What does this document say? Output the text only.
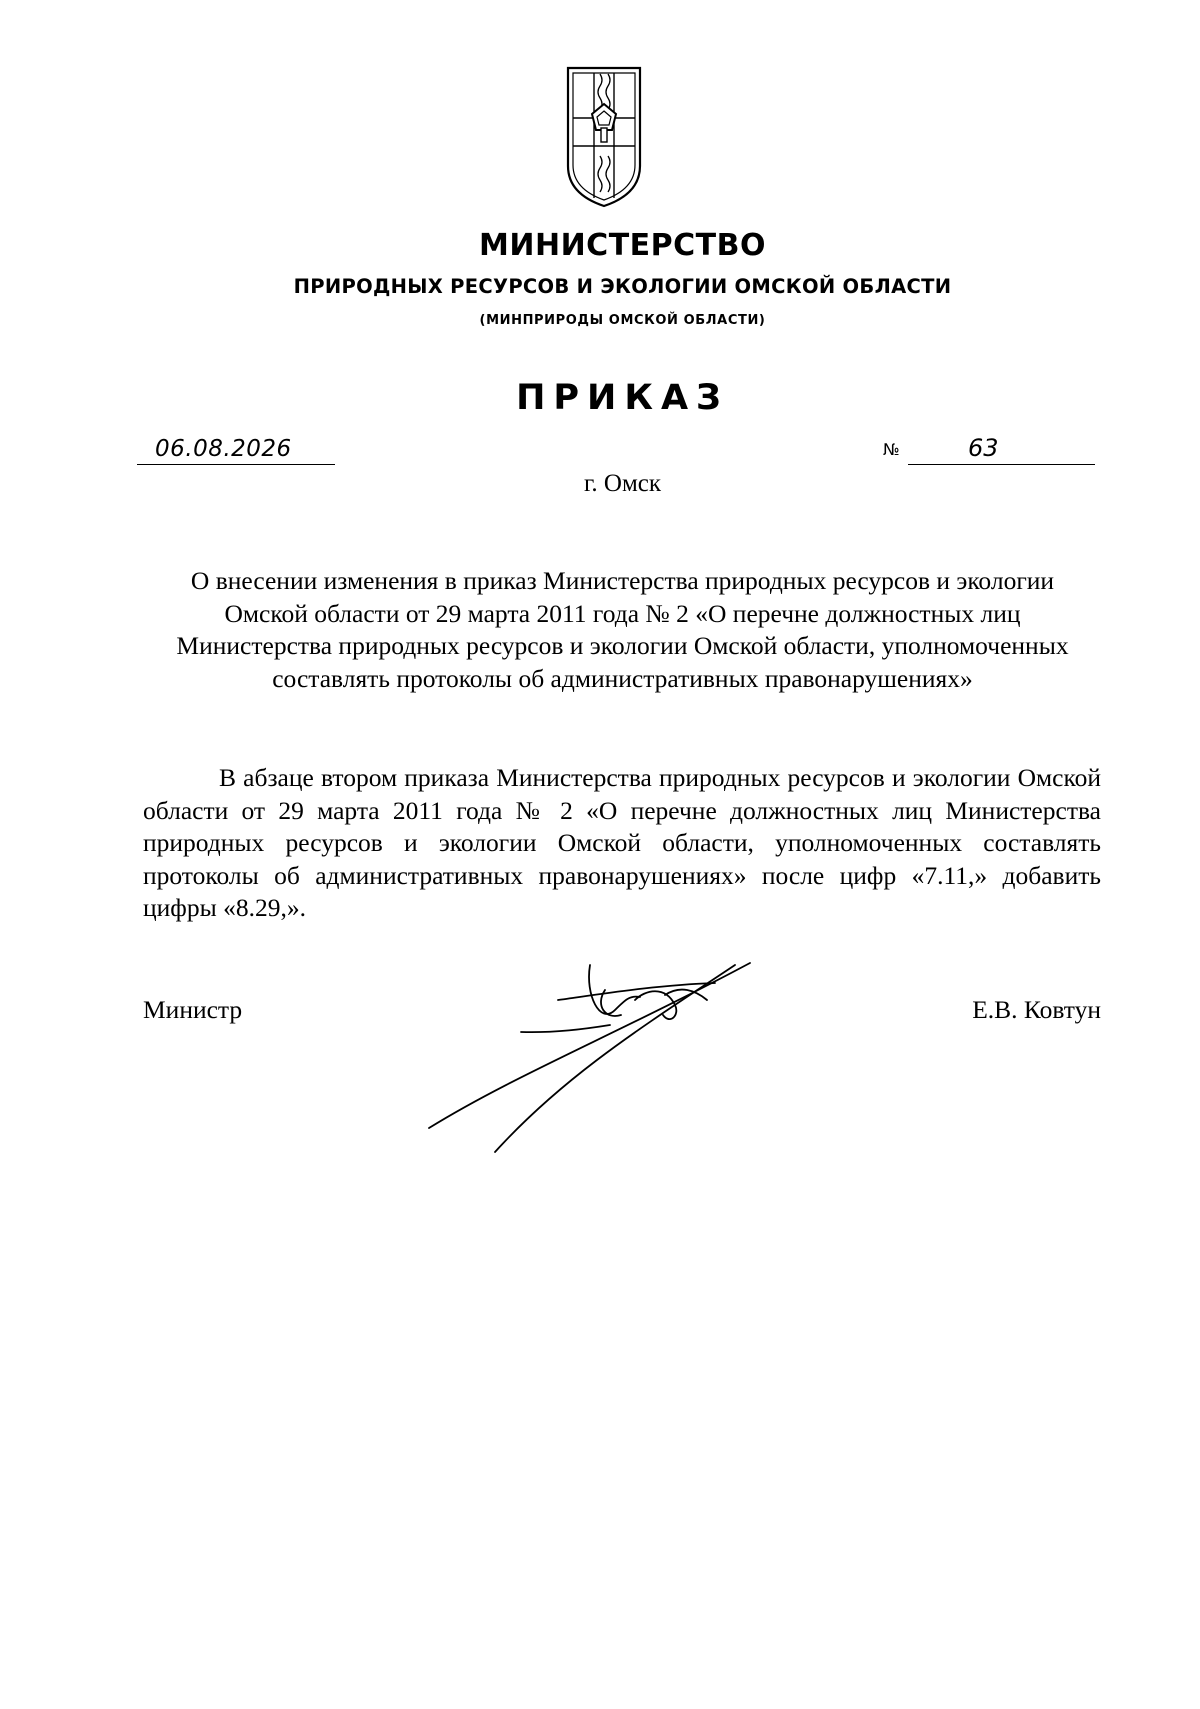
МИНИСТЕРСТВО
ПРИРОДНЫХ РЕСУРСОВ И ЭКОЛОГИИ ОМСКОЙ ОБЛАСТИ
(МИНПРИРОДЫ ОМСКОЙ ОБЛАСТИ)
ПРИКАЗ
06.08.2026	№	63
г. Омск
О внесении изменения в приказ Министерства природных ресурсов и экологии Омской области от 29 марта 2011 года № 2 «О перечне должностных лиц Министерства природных ресурсов и экологии Омской области, уполномоченных составлять протоколы об административных правонарушениях»
В абзаце втором приказа Министерства природных ресурсов и экологии Омской области от 29 марта 2011 года № 2 «О перечне должностных лиц Министерства природных ресурсов и экологии Омской области, уполномоченных составлять протоколы об административных правонарушениях» после цифр «7.11,» добавить цифры «8.29,».
Министр	Е.В. Ковтун
